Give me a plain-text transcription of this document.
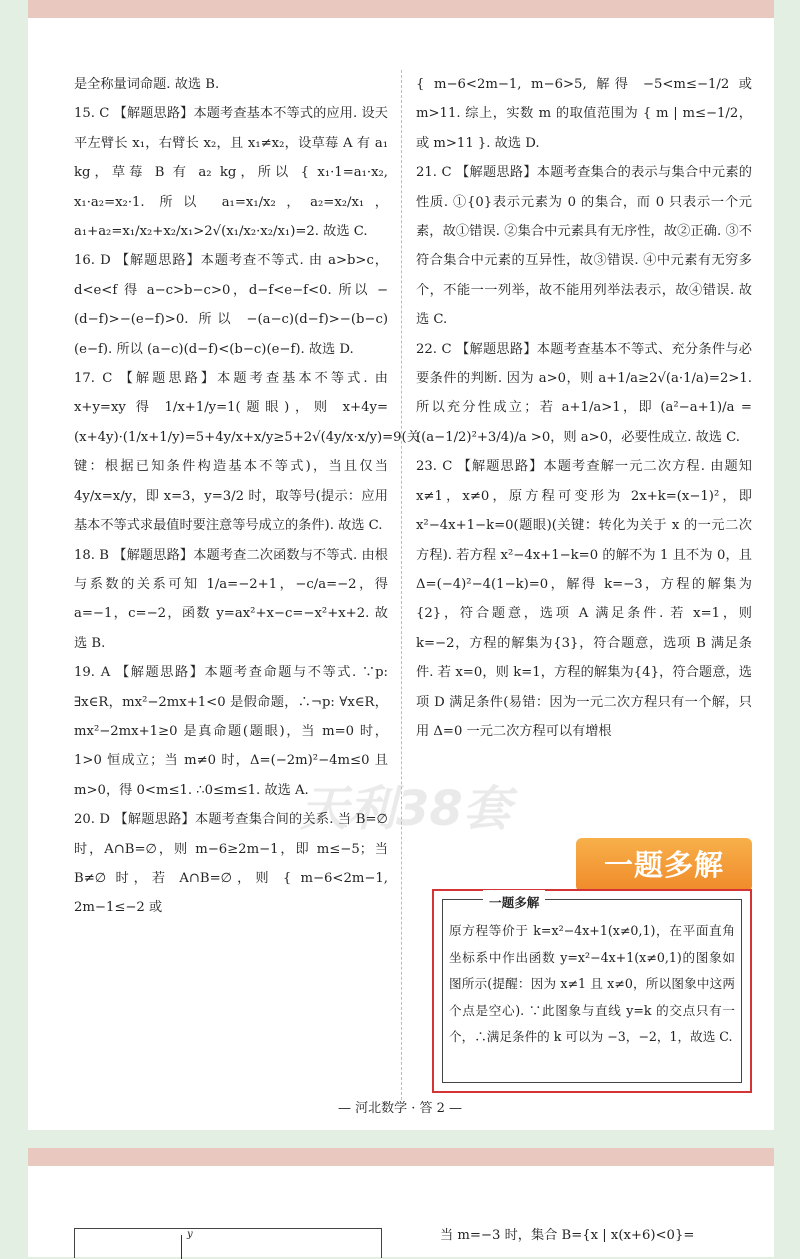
天利38套

是全称量词命题. 故选 B.

15. C 【解题思路】本题考查基本不等式的应用. 设天平左臂长 x₁，右臂长 x₂，且 x₁≠x₂，设草莓 A 有 a₁ kg，草莓 B 有 a₂ kg，所以 { x₁·1=a₁·x₂, x₁·a₂=x₂·1. 所以 a₁=x₁/x₂，a₂=x₂/x₁，a₁+a₂=x₁/x₂+x₂/x₁>2√(x₁/x₂·x₂/x₁)=2. 故选 C.

16. D 【解题思路】本题考查不等式. 由 a>b>c，d<e<f 得 a−c>b−c>0，d−f<e−f<0. 所以 −(d−f)>−(e−f)>0. 所以 −(a−c)(d−f)>−(b−c)(e−f). 所以 (a−c)(d−f)<(b−c)(e−f). 故选 D.

17. C 【解题思路】本题考查基本不等式. 由 x+y=xy 得 1/x+1/y=1(题眼)，则 x+4y=(x+4y)·(1/x+1/y)=5+4y/x+x/y≥5+2√(4y/x·x/y)=9(关键：根据已知条件构造基本不等式)，当且仅当 4y/x=x/y，即 x=3，y=3/2 时，取等号(提示：应用基本不等式求最值时要注意等号成立的条件). 故选 C.

18. B 【解题思路】本题考查二次函数与不等式. 由根与系数的关系可知 1/a=−2+1，−c/a=−2，得 a=−1，c=−2，函数 y=ax²+x−c=−x²+x+2. 故选 B.

19. A 【解题思路】本题考查命题与不等式. ∵p: ∃x∈R，mx²−2mx+1<0 是假命题，∴¬p: ∀x∈R，mx²−2mx+1≥0 是真命题(题眼)，当 m=0 时，1>0 恒成立；当 m≠0 时，Δ=(−2m)²−4m≤0 且 m>0，得 0<m≤1. ∴0≤m≤1. 故选 A.

20. D 【解题思路】本题考查集合间的关系. 当 B=∅ 时，A∩B=∅，则 m−6≥2m−1，即 m≤−5；当 B≠∅ 时，若 A∩B=∅，则 { m−6<2m−1, 2m−1≤−2 或

{ m−6<2m−1, m−6>5, 解得 −5<m≤−1/2 或 m>11. 综上，实数 m 的取值范围为 { m | m≤−1/2，或 m>11 }. 故选 D.

21. C 【解题思路】本题考查集合的表示与集合中元素的性质. ①{0}表示元素为 0 的集合，而 0 只表示一个元素，故①错误. ②集合中元素具有无序性，故②正确. ③不符合集合中元素的互异性，故③错误. ④中元素有无穷多个，不能一一列举，故不能用列举法表示，故④错误. 故选 C.

22. C 【解题思路】本题考查基本不等式、充分条件与必要条件的判断. 因为 a>0，则 a+1/a≥2√(a·1/a)=2>1. 所以充分性成立；若 a+1/a>1，即 (a²−a+1)/a = ((a−1/2)²+3/4)/a >0，则 a>0，必要性成立. 故选 C.

23. C 【解题思路】本题考查解一元二次方程. 由题知 x≠1，x≠0，原方程可变形为 2x+k=(x−1)²，即 x²−4x+1−k=0(题眼)(关键：转化为关于 x 的一元二次方程). 若方程 x²−4x+1−k=0 的解不为 1 且不为 0，且 Δ=(−4)²−4(1−k)=0，解得 k=−3，方程的解集为{2}，符合题意，选项 A 满足条件. 若 x=1，则 k=−2，方程的解集为{3}，符合题意，选项 B 满足条件. 若 x=0，则 k=1，方程的解集为{4}，符合题意，选项 D 满足条件(易错：因为一元二次方程只有一个解，只用 Δ=0 一元二次方程可以有增根

一题多解
一题多解
原方程等价于 k=x²−4x+1(x≠0,1)，在平面直角坐标系中作出函数 y=x²−4x+1(x≠0,1)的图象如图所示(提醒：因为 x≠1 且 x≠0，所以图象中这两个点是空心). ∵此图象与直线 y=k 的交点只有一个，∴满足条件的 k 可以为 −3，−2，1，故选 C.
— 河北数学 · 答 2 —
y	当 m=−3 时，集合 B={x | x(x+6)<0}=
